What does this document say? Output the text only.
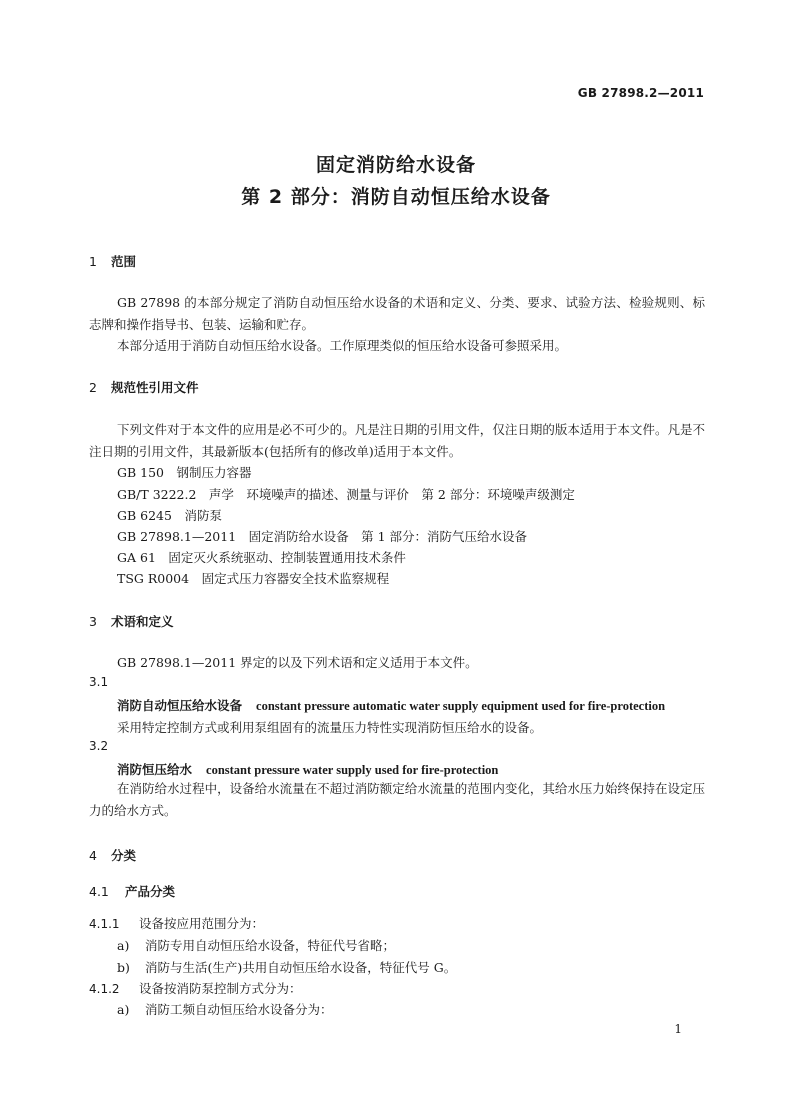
GB 27898.2—2011
固定消防给水设备
第 2 部分：消防自动恒压给水设备
1 范围
GB 27898 的本部分规定了消防自动恒压给水设备的术语和定义、分类、要求、试验方法、检验规则、标志牌和操作指导书、包装、运输和贮存。
本部分适用于消防自动恒压给水设备。工作原理类似的恒压给水设备可参照采用。
2 规范性引用文件
下列文件对于本文件的应用是必不可少的。凡是注日期的引用文件，仅注日期的版本适用于本文件。凡是不注日期的引用文件，其最新版本(包括所有的修改单)适用于本文件。
GB 150　钢制压力容器
GB/T 3222.2　声学　环境噪声的描述、测量与评价　第 2 部分：环境噪声级测定
GB 6245　消防泵
GB 27898.1—2011　固定消防给水设备　第 1 部分：消防气压给水设备
GA 61　固定灭火系统驱动、控制装置通用技术条件
TSG R0004　固定式压力容器安全技术监察规程
3 术语和定义
GB 27898.1—2011 界定的以及下列术语和定义适用于本文件。
3.1
消防自动恒压给水设备 constant pressure automatic water supply equipment used for fire-protection
采用特定控制方式或利用泵组固有的流量压力特性实现消防恒压给水的设备。
3.2
消防恒压给水 constant pressure water supply used for fire-protection
在消防给水过程中，设备给水流量在不超过消防额定给水流量的范围内变化，其给水压力始终保持在设定压力的给水方式。
4 分类
4.1 产品分类
4.1.1 设备按应用范围分为：
a) 消防专用自动恒压给水设备，特征代号省略；
b) 消防与生活(生产)共用自动恒压给水设备，特征代号 G。
4.1.2 设备按消防泵控制方式分为：
a) 消防工频自动恒压给水设备分为：
1
